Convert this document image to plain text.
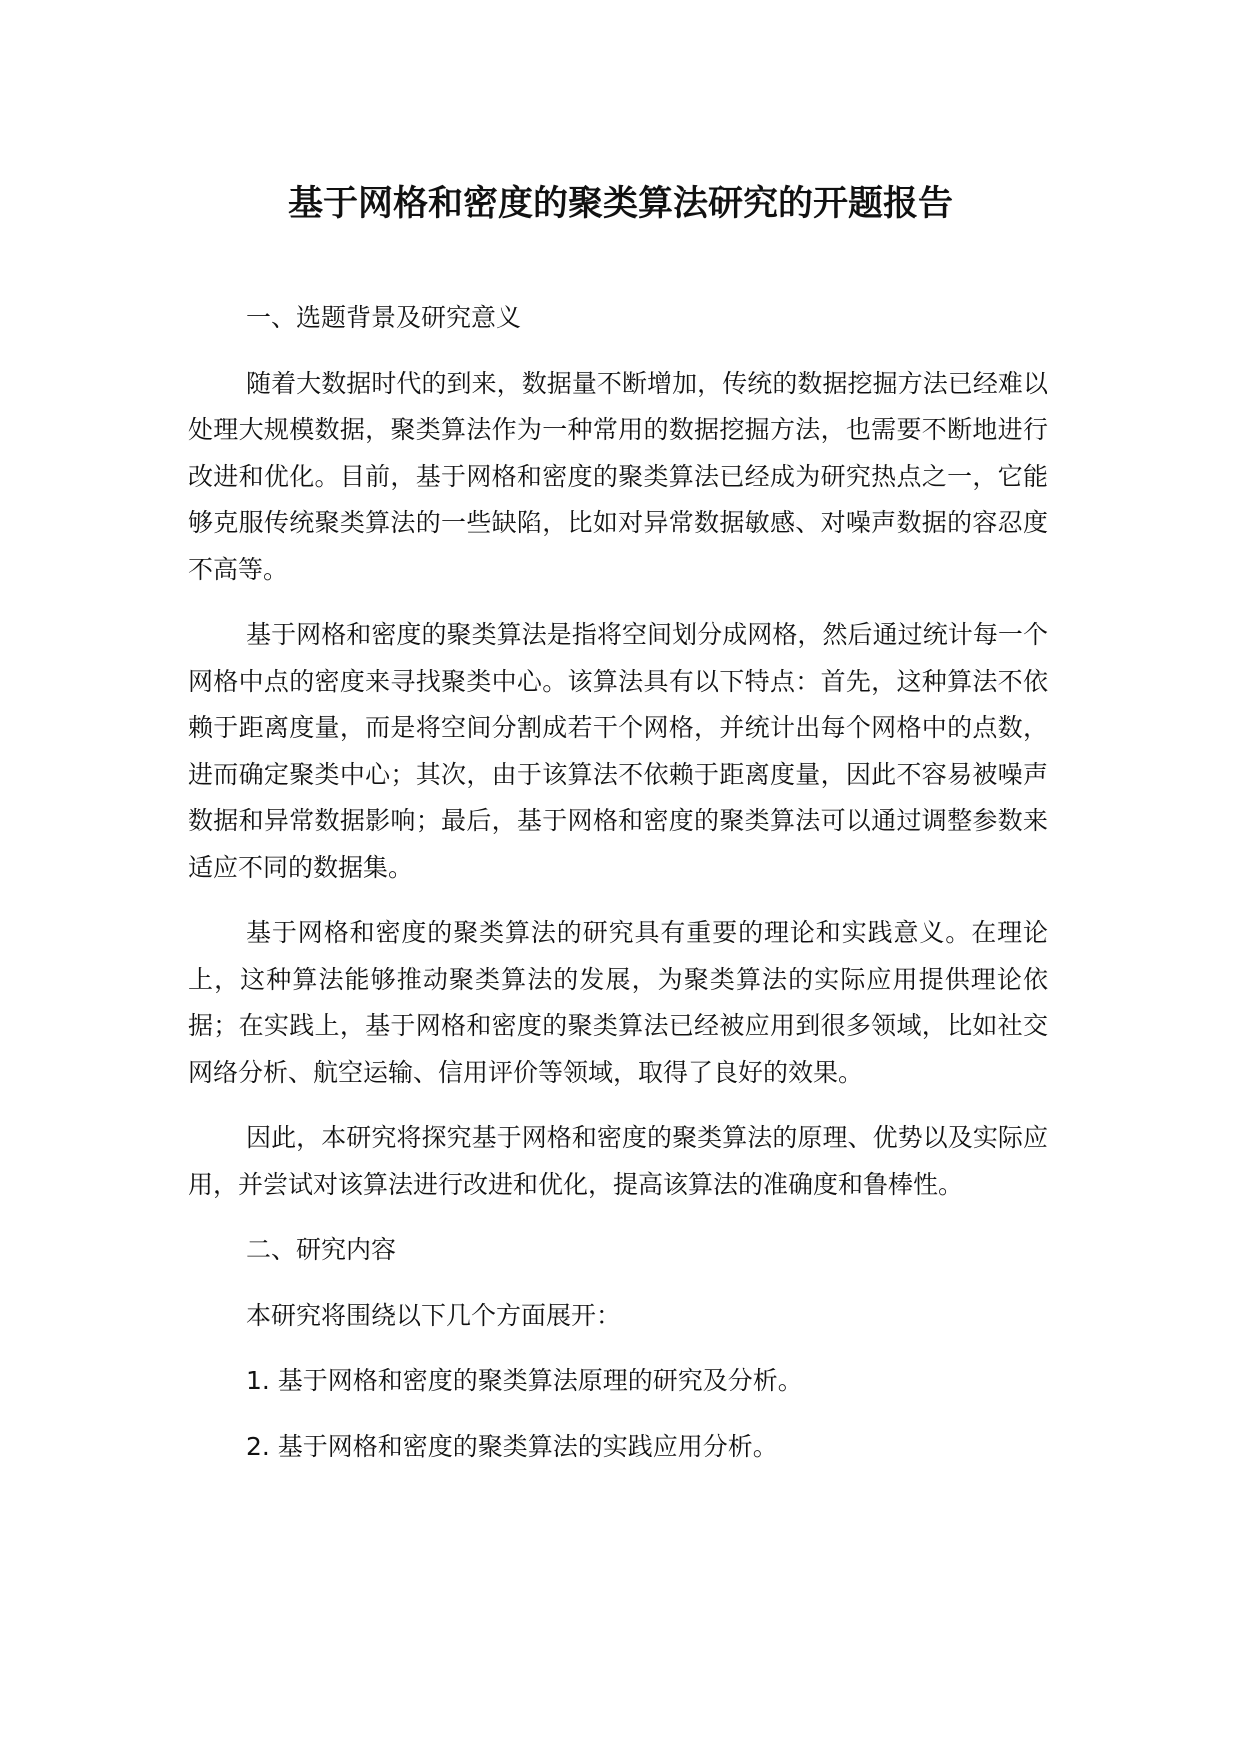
基于网格和密度的聚类算法研究的开题报告

一、选题背景及研究意义

随着大数据时代的到来，数据量不断增加，传统的数据挖掘方法已经难以处理大规模数据，聚类算法作为一种常用的数据挖掘方法，也需要不断地进行改进和优化。目前，基于网格和密度的聚类算法已经成为研究热点之一，它能够克服传统聚类算法的一些缺陷，比如对异常数据敏感、对噪声数据的容忍度不高等。

基于网格和密度的聚类算法是指将空间划分成网格，然后通过统计每一个网格中点的密度来寻找聚类中心。该算法具有以下特点：首先，这种算法不依赖于距离度量，而是将空间分割成若干个网格，并统计出每个网格中的点数，进而确定聚类中心；其次，由于该算法不依赖于距离度量，因此不容易被噪声数据和异常数据影响；最后，基于网格和密度的聚类算法可以通过调整参数来适应不同的数据集。

基于网格和密度的聚类算法的研究具有重要的理论和实践意义。在理论上，这种算法能够推动聚类算法的发展，为聚类算法的实际应用提供理论依据；在实践上，基于网格和密度的聚类算法已经被应用到很多领域，比如社交网络分析、航空运输、信用评价等领域，取得了良好的效果。

因此，本研究将探究基于网格和密度的聚类算法的原理、优势以及实际应用，并尝试对该算法进行改进和优化，提高该算法的准确度和鲁棒性。

二、研究内容

本研究将围绕以下几个方面展开：

1. 基于网格和密度的聚类算法原理的研究及分析。

2. 基于网格和密度的聚类算法的实践应用分析。
